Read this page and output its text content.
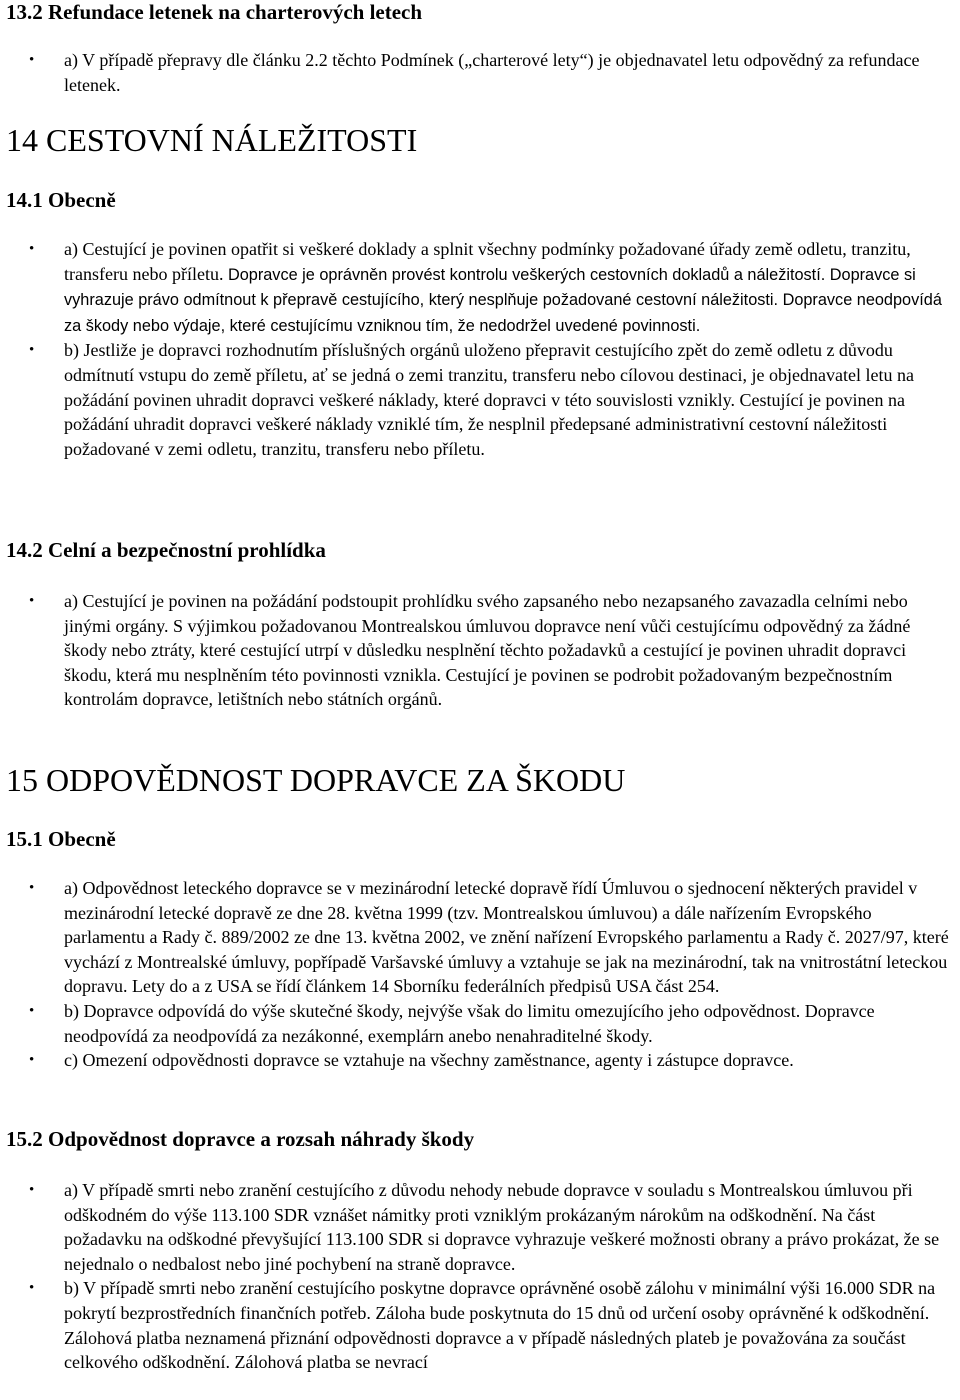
13.2 Refundace letenek na charterových letech
• a) V případě přepravy dle článku 2.2 těchto Podmínek („charterové lety“) je objednavatel letu odpovědný za refundace letenek.
14 CESTOVNÍ NÁLEŽITOSTI
14.1 Obecně
• a) Cestující je povinen opatřit si veškeré doklady a splnit všechny podmínky požadované úřady země odletu, tranzitu, transferu nebo příletu. Dopravce je oprávněn provést kontrolu veškerých cestovních dokladů a náležitostí. Dopravce si vyhrazuje právo odmítnout k přepravě cestujícího, který nesplňuje požadované cestovní náležitosti. Dopravce neodpovídá za škody nebo výdaje, které cestujícímu vzniknou tím, že nedodržel uvedené povinnosti.
• b) Jestliže je dopravci rozhodnutím příslušných orgánů uloženo přepravit cestujícího zpět do země odletu z důvodu odmítnutí vstupu do země příletu, ať se jedná o zemi tranzitu, transferu nebo cílovou destinaci, je objednavatel letu na požádání povinen uhradit dopravci veškeré náklady, které dopravci v této souvislosti vznikly. Cestující je povinen na požádání uhradit dopravci veškeré náklady vzniklé tím, že nesplnil předepsané administrativní cestovní náležitosti požadované v zemi odletu, tranzitu, transferu nebo příletu.
14.2 Celní a bezpečnostní prohlídka
• a) Cestující je povinen na požádání podstoupit prohlídku svého zapsaného nebo nezapsaného zavazadla celními nebo jinými orgány. S výjimkou požadovanou Montrealskou úmluvou dopravce není vůči cestujícímu odpovědný za žádné škody nebo ztráty, které cestující utrpí v důsledku nesplnění těchto požadavků a cestující je povinen uhradit dopravci škodu, která mu nesplněním této povinnosti vznikla. Cestující je povinen se podrobit požadovaným bezpečnostním kontrolám dopravce, letištních nebo státních orgánů.
15 ODPOVĚDNOST DOPRAVCE ZA ŠKODU
15.1 Obecně
• a) Odpovědnost leteckého dopravce se v mezinárodní letecké dopravě řídí Úmluvou o sjednocení některých pravidel v mezinárodní letecké dopravě ze dne 28. května 1999 (tzv. Montrealskou úmluvou) a dále nařízením Evropského parlamentu a Rady č. 889/2002 ze dne 13. května 2002, ve znění nařízení Evropského parlamentu a Rady č. 2027/97, které vychází z Montrealské úmluvy, popřípadě Varšavské úmluvy a vztahuje se jak na mezinárodní, tak na vnitrostátní leteckou dopravu. Lety do a z USA se řídí článkem 14 Sborníku federálních předpisů USA část 254.
• b) Dopravce odpovídá do výše skutečné škody, nejvýše však do limitu omezujícího jeho odpovědnost. Dopravce neodpovídá za neodpovídá za nezákonné, exemplárn anebo nenahraditelné škody.
• c) Omezení odpovědnosti dopravce se vztahuje na všechny zaměstnance, agenty i zástupce dopravce.
15.2 Odpovědnost dopravce a rozsah náhrady škody
• a) V případě smrti nebo zranění cestujícího z důvodu nehody nebude dopravce v souladu s Montrealskou úmluvou při odškodném do výše 113.100 SDR vznášet námitky proti vzniklým prokázaným nárokům na odškodnění. Na část požadavku na odškodné převyšující 113.100 SDR si dopravce vyhrazuje veškeré možnosti obrany a právo prokázat, že se nejednalo o nedbalost nebo jiné pochybení na straně dopravce.
• b) V případě smrti nebo zranění cestujícího poskytne dopravce oprávněné osobě zálohu v minimální výši 16.000 SDR na pokrytí bezprostředních finančních potřeb. Záloha bude poskytnuta do 15 dnů od určení osoby oprávněné k odškodnění. Zálohová platba neznamená přiznání odpovědnosti dopravce a v případě následných plateb je považována za součást celkového odškodnění. Zálohová platba se nevrací
